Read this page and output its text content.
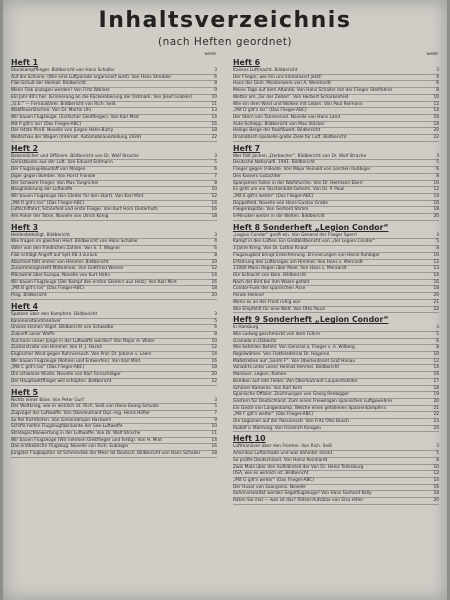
Inhaltsverzeichnis
(nach Heften geordnet)
Seite
Heft 1
Sturzkampfflieger. Bildbericht von Hans Schaller	3
Auf die Schiene. (Wie eine Luftparade organisiert wird). Von Hans Streibler	6
Flak-Schuß der Heimat. Bildbericht	8
Wenn Flak anzogen werden? Von Fritz Wallner	9
Ein Jahr 40's her. (Erinnerung an die Rückeroberung der Ostmark. Von Josef Grabler)	10
„G.E.“ — Fernauklärer. Bildbericht von Rich. Seiß	11
Waldfeuerlöschen. Von Dr. Martin Uhl	13
Wir bauen Flugzeuge. (Einfacher Gleitflieger). Von Karl Mint	14
Mit P gilt's los! (Das Flieger-ABC)	16
Der letzte Pireß. Novelle von Jürgen Hahn-Butry	18
Weltschau der Wagen (Internat. Automobilausstellung 1939)	22
Heft 2
Bolzenlöcher und Offiziere. Bildbericht von Dr. Wolf Strache	3
Gerüstboote aus der Luft. Von Eduard Erdmann	5
Der Flugzeug-Baustoff von Morgen	6
Jäger gegen Bomber. Von Horst Frankle	7
Der Schwere Flieger. Von Max Tangrichel	8
Neugliederung der Luftwaffe	10
Wir bauen Flugzeuge (Ein Gleiter für den Start). Von Karl Mint	12
„Mit R gilt's los“ (Das Flieger-ABC)	14
Luftschiffahrt, Schönfeld und erste Flieger. Von Kurt Horn Dieterhuth	16
Am Anker der Toten. Novelle von Ulrich König	18
Heft 3
Heldenbeteiligt. Bildbericht	3
Wie tragen im gleichen Heid. Bildbericht von Hans Schaller	4
Vater von den friedlichen Zahlen. Von S. T. Wagner	6
Flak schlägt Angriff auf Sylt XB 3 zurück	8
Abschied fällt immer von Himmel. Bildbericht	10
Zusammengestellt Mittelmeer. Von Gottfried Werner	12
Märzwind über Europa. Novelle von Kurt Hahn	14
Wir bauen Flugzeuge (Der Kampf des ersten Gleiters aus Holz). Von Karl Mint	16
„Mit B gilt's los“ (Das Flieger-ABC)	18
Prag. Bildbericht	20
Heft 4
Spatzen über den Kampfern. Bildbericht	3
Kanonenstandmanöver	5
Unsere kleinen Vögel. Bildbericht von Schwalbe	6
Zukunft unser Waffe	8
Aus kann unser Junge in der Luftwaffe werden? Von Major H. Wider	10
Zuckerstraße von Himmel. Von H. J. Hackh	12
Englischer Wind gegen Rohrversuch. Von Prof. Dr. Johann v. Leers	14
Wir bauen Flugzeuge (Rohren und Entwerfen). Von Karl Mint	16
„Mit C gilt's los“ (Das Flieger-ABC)	18
Die schwarze Wüste. Novelle von Karl Tornschläger	20
Der Hauptwettflieger will schöpfen. Bildbericht	22
Heft 5
Nichts leiner Böse. Von Peter Gurf	3
Der Weltkrieg, wie er wirklich ist. Rich. Seiß von Hans-Georg Schulze	5
Zugvögel der Luftwaffe. Von Oberleutnant Dipl.-Ing. Heinz Höfler	7
So fiel Richthofen. Von Generalmajor Hackwell	9
Schiffe helfen Flugzeugfabrikante der See-Luftwaffe	10
Strategischbewertung in der Luftwaffe. Von Dr. Wolf Strache	11
Wir bauen Flugzeuge (Wir nehmen Gleitflieger und fertig). Von H. Mint	14
Das erstbebliche Flugzeug. Novelle von Rich. Eubinger	16
Jüngster Flugkapitän ist Schmiediek der Meer de Deutsch. Bildbericht von Hans Schaller	18
Seite
Heft 6
Italiens Luftmacht. Bildbericht	3
Der Flieger, wie ihn uns klimatisiert jetzt!	4
Hans der Glüh. Meisterwerk von A. Weinhardt	6
Meine Tage auf dem Atlantik. Von Hans Schaller mit der Flieger Stellfahrer	8
Wetter am „Tor der Zeiten“. Von Herbert Scharkenfeld	10
Wie ein dem Wind und Wolken mit Leben. Von Paul Reimann	12
„Mit D gilt's los“ (Das Flieger-ABC)	14
Der Stern von Tannenried. Novelle von Hans Land	16
Auto-Schlepp. Bildbericht von Max Stöcker	18
Heilige Berge der Pazifikwelt. Bildbericht	20
Dramatisch spezielle große Ziele für Luft. Bildbericht	22
Heft 7
Wer fällt Jochen „Derbacher“. Bildbericht von Dr. Wolf Strache	3
Deutsche Nationalfl. 1941. Bildbericht	5
Flieger gegen U-Boote. Von Major Reinold von Lerchen Ruhbiger	6
Des Kaisers Gutachter	8
Spanjamen fallen in der Wolfsfurche. Von Dr. Hermann Eberl	10
Es geht um ein Taschenbild-Geheim. Von Dr. P. Pauli	12
„Mit E gilt's weiter“ (Das Flieger-ABC)	14
Doppelfeld. Novelle von Hans-Gustav Grabe	16
Fliegerkapitän. Von Gerhard Stimm	18
S-Minuten weiter in die Welten. Bildbericht	20
Heft 8 Sonderheft „Legion Condor“
„Legion Condor“ greift ein. Von General der Flieger Sperrl	3
Kampf in den Lüften. Ein Großbildbericht von „der Legion Condor“	5
3 Jahre Krieg. Von Dr. Lothar Knauf	8
Flugzeugbild bringt Erleichterung. Erinnerungen von Heinz Ruhbiger	10
Erfahrung des Luftkrieges am Himmel. Von Hans v. Mercardt	12
11000 Mann Regen über Meer. Von Hans v. Meraardt	13
Die Schlacht von Ebro. Bildbericht	14
Nach der Bird bei ihm Walen gefallt	16
Condor-Funk der spanischen Asse	18
Parole Helene!	20
Wenn es an der Front ruhig war	21
Wie Empfehlt für eine Welt. Von Otto Paust	22
Heft 9 Sonderheft „Legion Condor“
In Hamburg	3
Wie Ludwig geschmückt von dem Führer	5
Granada in Döberitz	6
Wie befohlen Befohl. Von General a. Flieger v. A. Wilberg	8
Regelwählen. Von Flotteladmiral Dr. Hageron	10
Maßstreßen auf „Sairm F“. Von Oberleutnant Graf Hanau	12
Vorwärts unter unser Heimat Himmel. Bildbericht	14
Manöver, Legion, Kamen	16
Bomben auf rote Felder. Von Oberleutnant Lauperstahlder	17
Schöner Kameras. Von Karl Kern	18
Spanische Offizier. Zeichnungen von Georg Renbigger	19
Gestern für Deutschland. Zum einen Freiwilligen spanischen Luftgewehrer	20
Ein Geste von Langenkamp. Welche eines gefallenen Spanienkämpfers	21
„Mit F gilt's weiter“ (Das Flieger-ABC)	22
Die Legionen auf der Passionsstr. Von Fritz Otto Busch	23
Rudolf v. Marmorg. Von Friedrich Kiesgen	24
Heft 10
Luftmanöver über den Fronten. Von Rich. Seiß	3
Amerikas Luftarmada und was dahinter steckt	5
So prüfte Deutschland. Von Heinz Reinhardt	8
Zwei Male über den Aufklärsteil der Von Dr. Heinz Teilenburg	10
USA, wie es wirklich ist. Bildbericht	12
„Mit G gilt's weiter“ (Das Flieger-ABC)	14
Der Husar von Saargrenz. Novelle	16
Ruhmverwaltet werden Segelflugzeuge? Von Hans Gerhard Kelly	18
Raten Sie mal — was ist das? Rätsel-Aufsätze von Elsa Hitler	20
